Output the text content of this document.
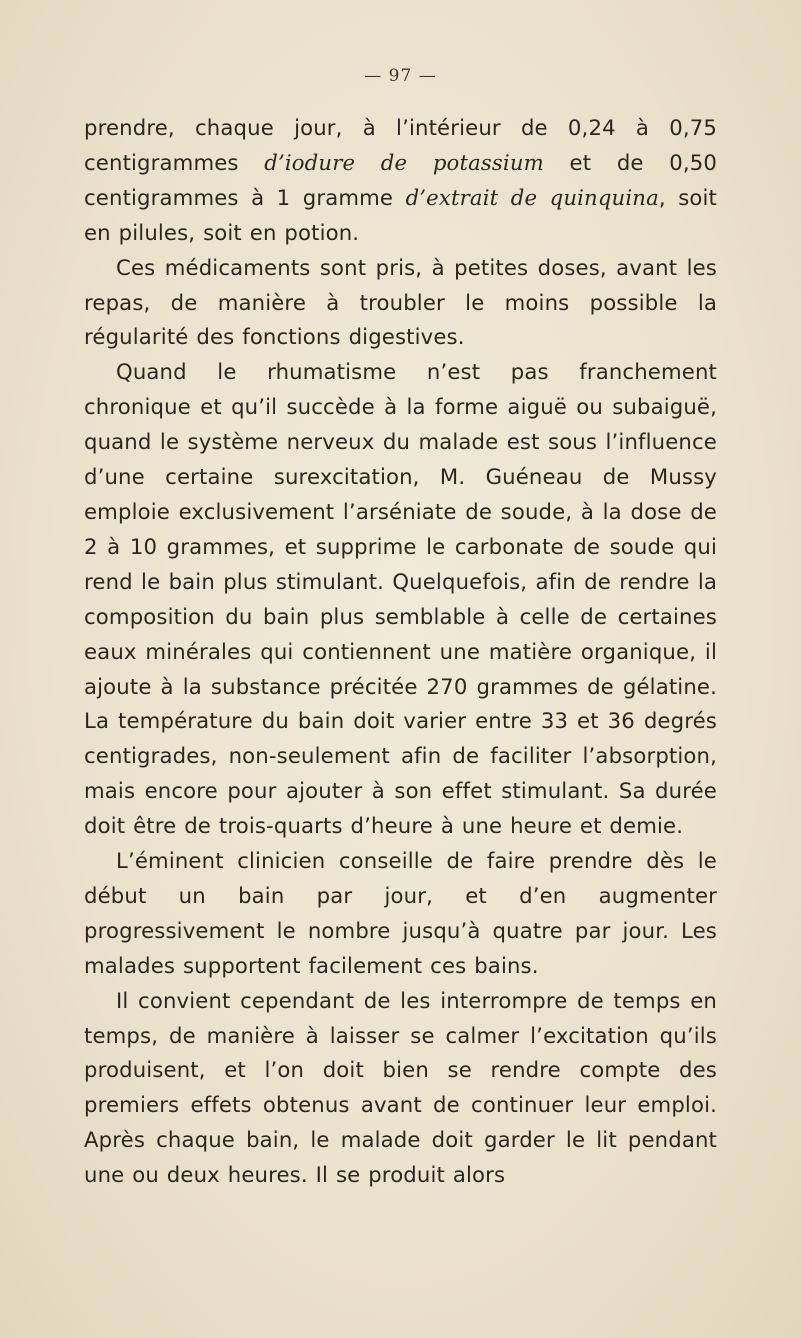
— 97 —

prendre, chaque jour, à l’intérieur de 0,24 à 0,75 centigrammes d’iodure de potassium et de 0,50 centigrammes à 1 gramme d’extrait de quinquina, soit en pilules, soit en potion.

Ces médicaments sont pris, à petites doses, avant les repas, de manière à troubler le moins possible la régularité des fonctions digestives.

Quand le rhumatisme n’est pas franchement chronique et qu’il succède à la forme aiguë ou subaiguë, quand le système nerveux du malade est sous l’influence d’une certaine surexcitation, M. Guéneau de Mussy emploie exclusivement l’arséniate de soude, à la dose de 2 à 10 grammes, et supprime le carbonate de soude qui rend le bain plus stimulant. Quelquefois, afin de rendre la composition du bain plus semblable à celle de certaines eaux minérales qui contiennent une matière organique, il ajoute à la substance précitée 270 grammes de gélatine. La température du bain doit varier entre 33 et 36 degrés centigrades, non-seulement afin de faciliter l’absorption, mais encore pour ajouter à son effet stimulant. Sa durée doit être de trois-quarts d’heure à une heure et demie.

L’éminent clinicien conseille de faire prendre dès le début un bain par jour, et d’en augmenter progressivement le nombre jusqu’à quatre par jour. Les malades supportent facilement ces bains.

Il convient cependant de les interrompre de temps en temps, de manière à laisser se calmer l’excitation qu’ils produisent, et l’on doit bien se rendre compte des premiers effets obtenus avant de continuer leur emploi. Après chaque bain, le malade doit garder le lit pendant une ou deux heures. Il se produit alors
